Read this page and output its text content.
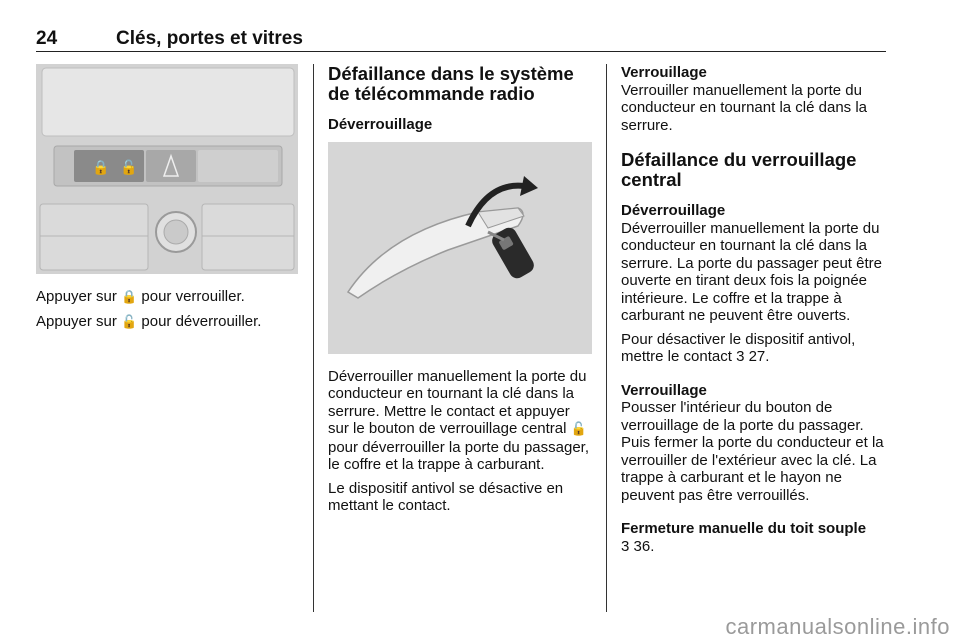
24	Clés, portes et vitres
🔒 🔓

Appuyer sur 🔒 pour verrouiller.

Appuyer sur 🔓 pour déverrouiller.

Défaillance dans le système de télécommande radio
Déverrouillage

Déverrouiller manuellement la porte du conducteur en tournant la clé dans la serrure. Mettre le contact et appuyer sur le bouton de verrouillage central 🔓 pour déverrouiller la porte du passager, le coffre et la trappe à carburant.

Le dispositif antivol se désactive en mettant le contact.

Verrouillage

Verrouiller manuellement la porte du conducteur en tournant la clé dans la serrure.

Défaillance du verrouillage central
Déverrouillage

Déverrouiller manuellement la porte du conducteur en tournant la clé dans la serrure. La porte du passager peut être ouverte en tirant deux fois la poignée intérieure. Le coffre et la trappe à carburant ne peuvent être ouverts.

Pour désactiver le dispositif antivol, mettre le contact 3 27.

Verrouillage

Pousser l'intérieur du bouton de verrouillage de la porte du passager. Puis fermer la porte du conducteur et la verrouiller de l'extérieur avec la clé. La trappe à carburant et le hayon ne peuvent pas être verrouillés.

Fermeture manuelle du toit souple

3 36.

carmanualsonline.info
